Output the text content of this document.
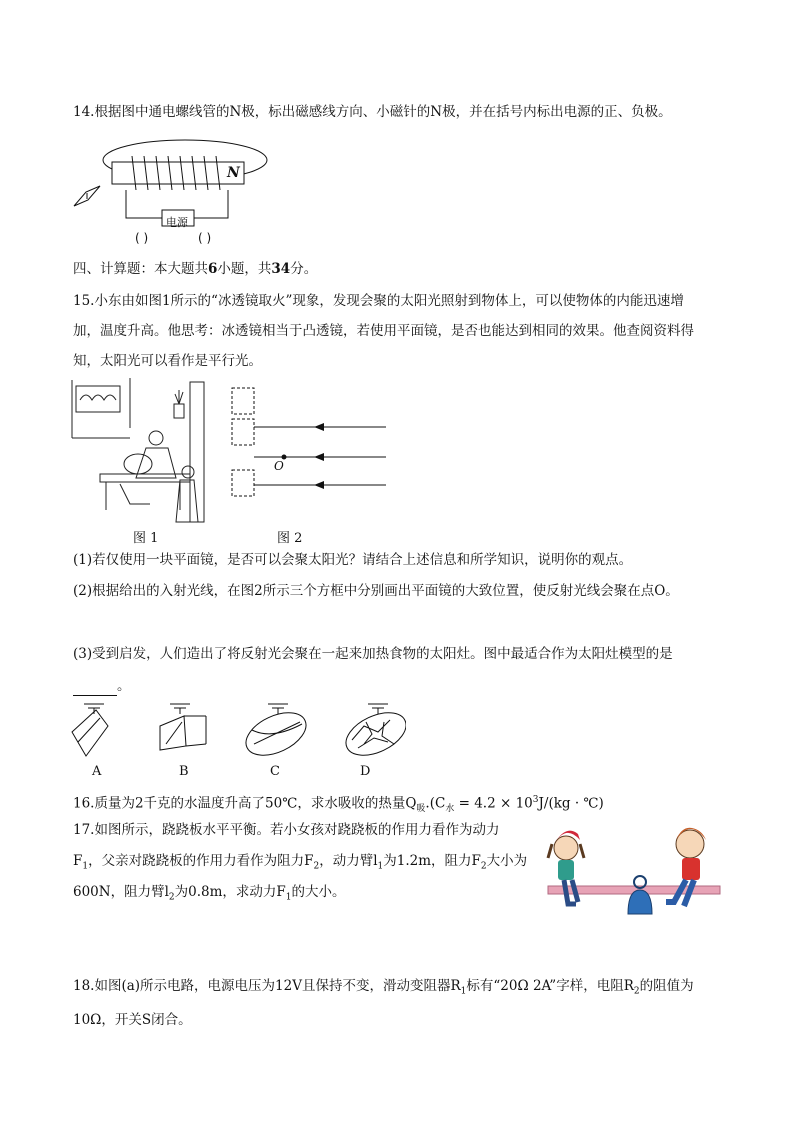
14.根据图中通电螺线管的N极，标出磁感线方向、小磁针的N极，并在括号内标出电源的正、负极。
N
电源
( )	( )
四、计算题：本大题共6小题，共34分。
15.小东由如图1所示的“冰透镜取火”现象，发现会聚的太阳光照射到物体上，可以使物体的内能迅速增
加，温度升高。他思考：冰透镜相当于凸透镜，若使用平面镜，是否也能达到相同的效果。他查阅资料得
知，太阳光可以看作是平行光。
图 1
O
图 2
(1)若仅使用一块平面镜，是否可以会聚太阳光？请结合上述信息和所学知识，说明你的观点。
(2)根据给出的入射光线，在图2所示三个方框中分别画出平面镜的大致位置，使反射光线会聚在点O。
(3)受到启发，人们造出了将反射光会聚在一起来加热食物的太阳灶。图中最适合作为太阳灶模型的是
。
A	B	C	D
16.质量为2千克的水温度升高了50℃，求水吸收的热量$Q_吸.(C_水 = 4.2 \times 10^3J/(kg$ · ℃)
17.如图所示，跷跷板水平平衡。若小女孩对跷跷板的作用力看作为动力
$F_1$，父亲对跷跷板的作用力看作为阻力$F_2$，动力臂$l_1$为1.2m，阻力$F_2$大小为
600N，阻力臂$l_2$为0.8m，求动力$F_1$的大小。
18.如图(a)所示电路，电源电压为12V且保持不变，滑动变阻器$R_1$标有“20Ω 2A”字样，电阻$R_2$的阻值为
10Ω，开关S闭合。
